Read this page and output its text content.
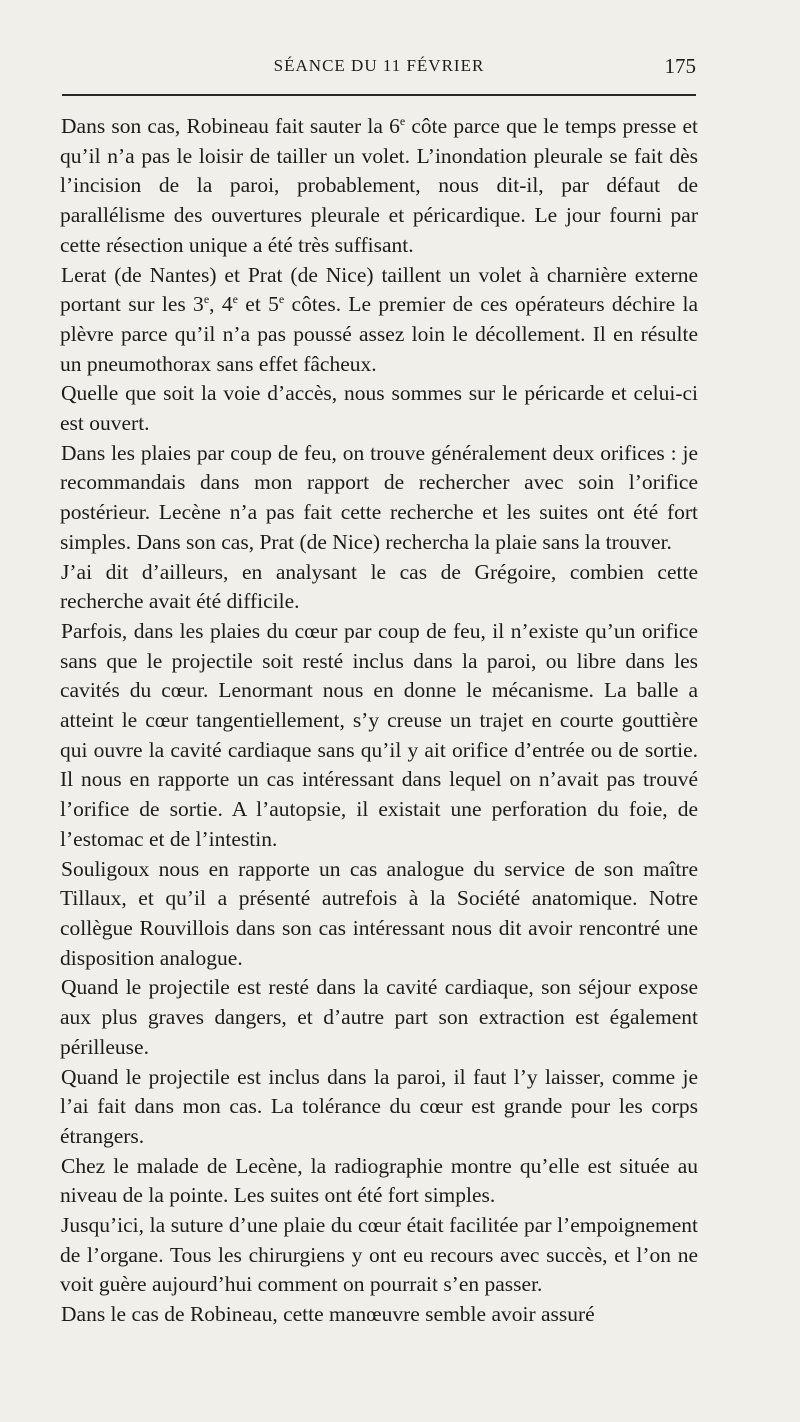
SÉANCE DU 11 FÉVRIER	175

Dans son cas, Robineau fait sauter la 6e côte parce que le temps presse et qu’il n’a pas le loisir de tailler un volet. L’inondation pleurale se fait dès l’incision de la paroi, probablement, nous dit-il, par défaut de parallélisme des ouvertures pleurale et péricardique. Le jour fourni par cette résection unique a été très suffisant.

Lerat (de Nantes) et Prat (de Nice) taillent un volet à charnière externe portant sur les 3e, 4e et 5e côtes. Le premier de ces opérateurs déchire la plèvre parce qu’il n’a pas poussé assez loin le décollement. Il en résulte un pneumothorax sans effet fâcheux.

Quelle que soit la voie d’accès, nous sommes sur le péricarde et celui-ci est ouvert.

Dans les plaies par coup de feu, on trouve généralement deux orifices : je recommandais dans mon rapport de rechercher avec soin l’orifice postérieur. Lecène n’a pas fait cette recherche et les suites ont été fort simples. Dans son cas, Prat (de Nice) rechercha la plaie sans la trouver.

J’ai dit d’ailleurs, en analysant le cas de Grégoire, combien cette recherche avait été difficile.

Parfois, dans les plaies du cœur par coup de feu, il n’existe qu’un orifice sans que le projectile soit resté inclus dans la paroi, ou libre dans les cavités du cœur. Lenormant nous en donne le mécanisme. La balle a atteint le cœur tangentiellement, s’y creuse un trajet en courte gouttière qui ouvre la cavité cardiaque sans qu’il y ait orifice d’entrée ou de sortie. Il nous en rapporte un cas intéressant dans lequel on n’avait pas trouvé l’orifice de sortie. A l’autopsie, il existait une perforation du foie, de l’estomac et de l’intestin.

Souligoux nous en rapporte un cas analogue du service de son maître Tillaux, et qu’il a présenté autrefois à la Société anatomique. Notre collègue Rouvillois dans son cas intéressant nous dit avoir rencontré une disposition analogue.

Quand le projectile est resté dans la cavité cardiaque, son séjour expose aux plus graves dangers, et d’autre part son extraction est également périlleuse.

Quand le projectile est inclus dans la paroi, il faut l’y laisser, comme je l’ai fait dans mon cas. La tolérance du cœur est grande pour les corps étrangers.

Chez le malade de Lecène, la radiographie montre qu’elle est située au niveau de la pointe. Les suites ont été fort simples.

Jusqu’ici, la suture d’une plaie du cœur était facilitée par l’empoignement de l’organe. Tous les chirurgiens y ont eu recours avec succès, et l’on ne voit guère aujourd’hui comment on pourrait s’en passer.

Dans le cas de Robineau, cette manœuvre semble avoir assuré
